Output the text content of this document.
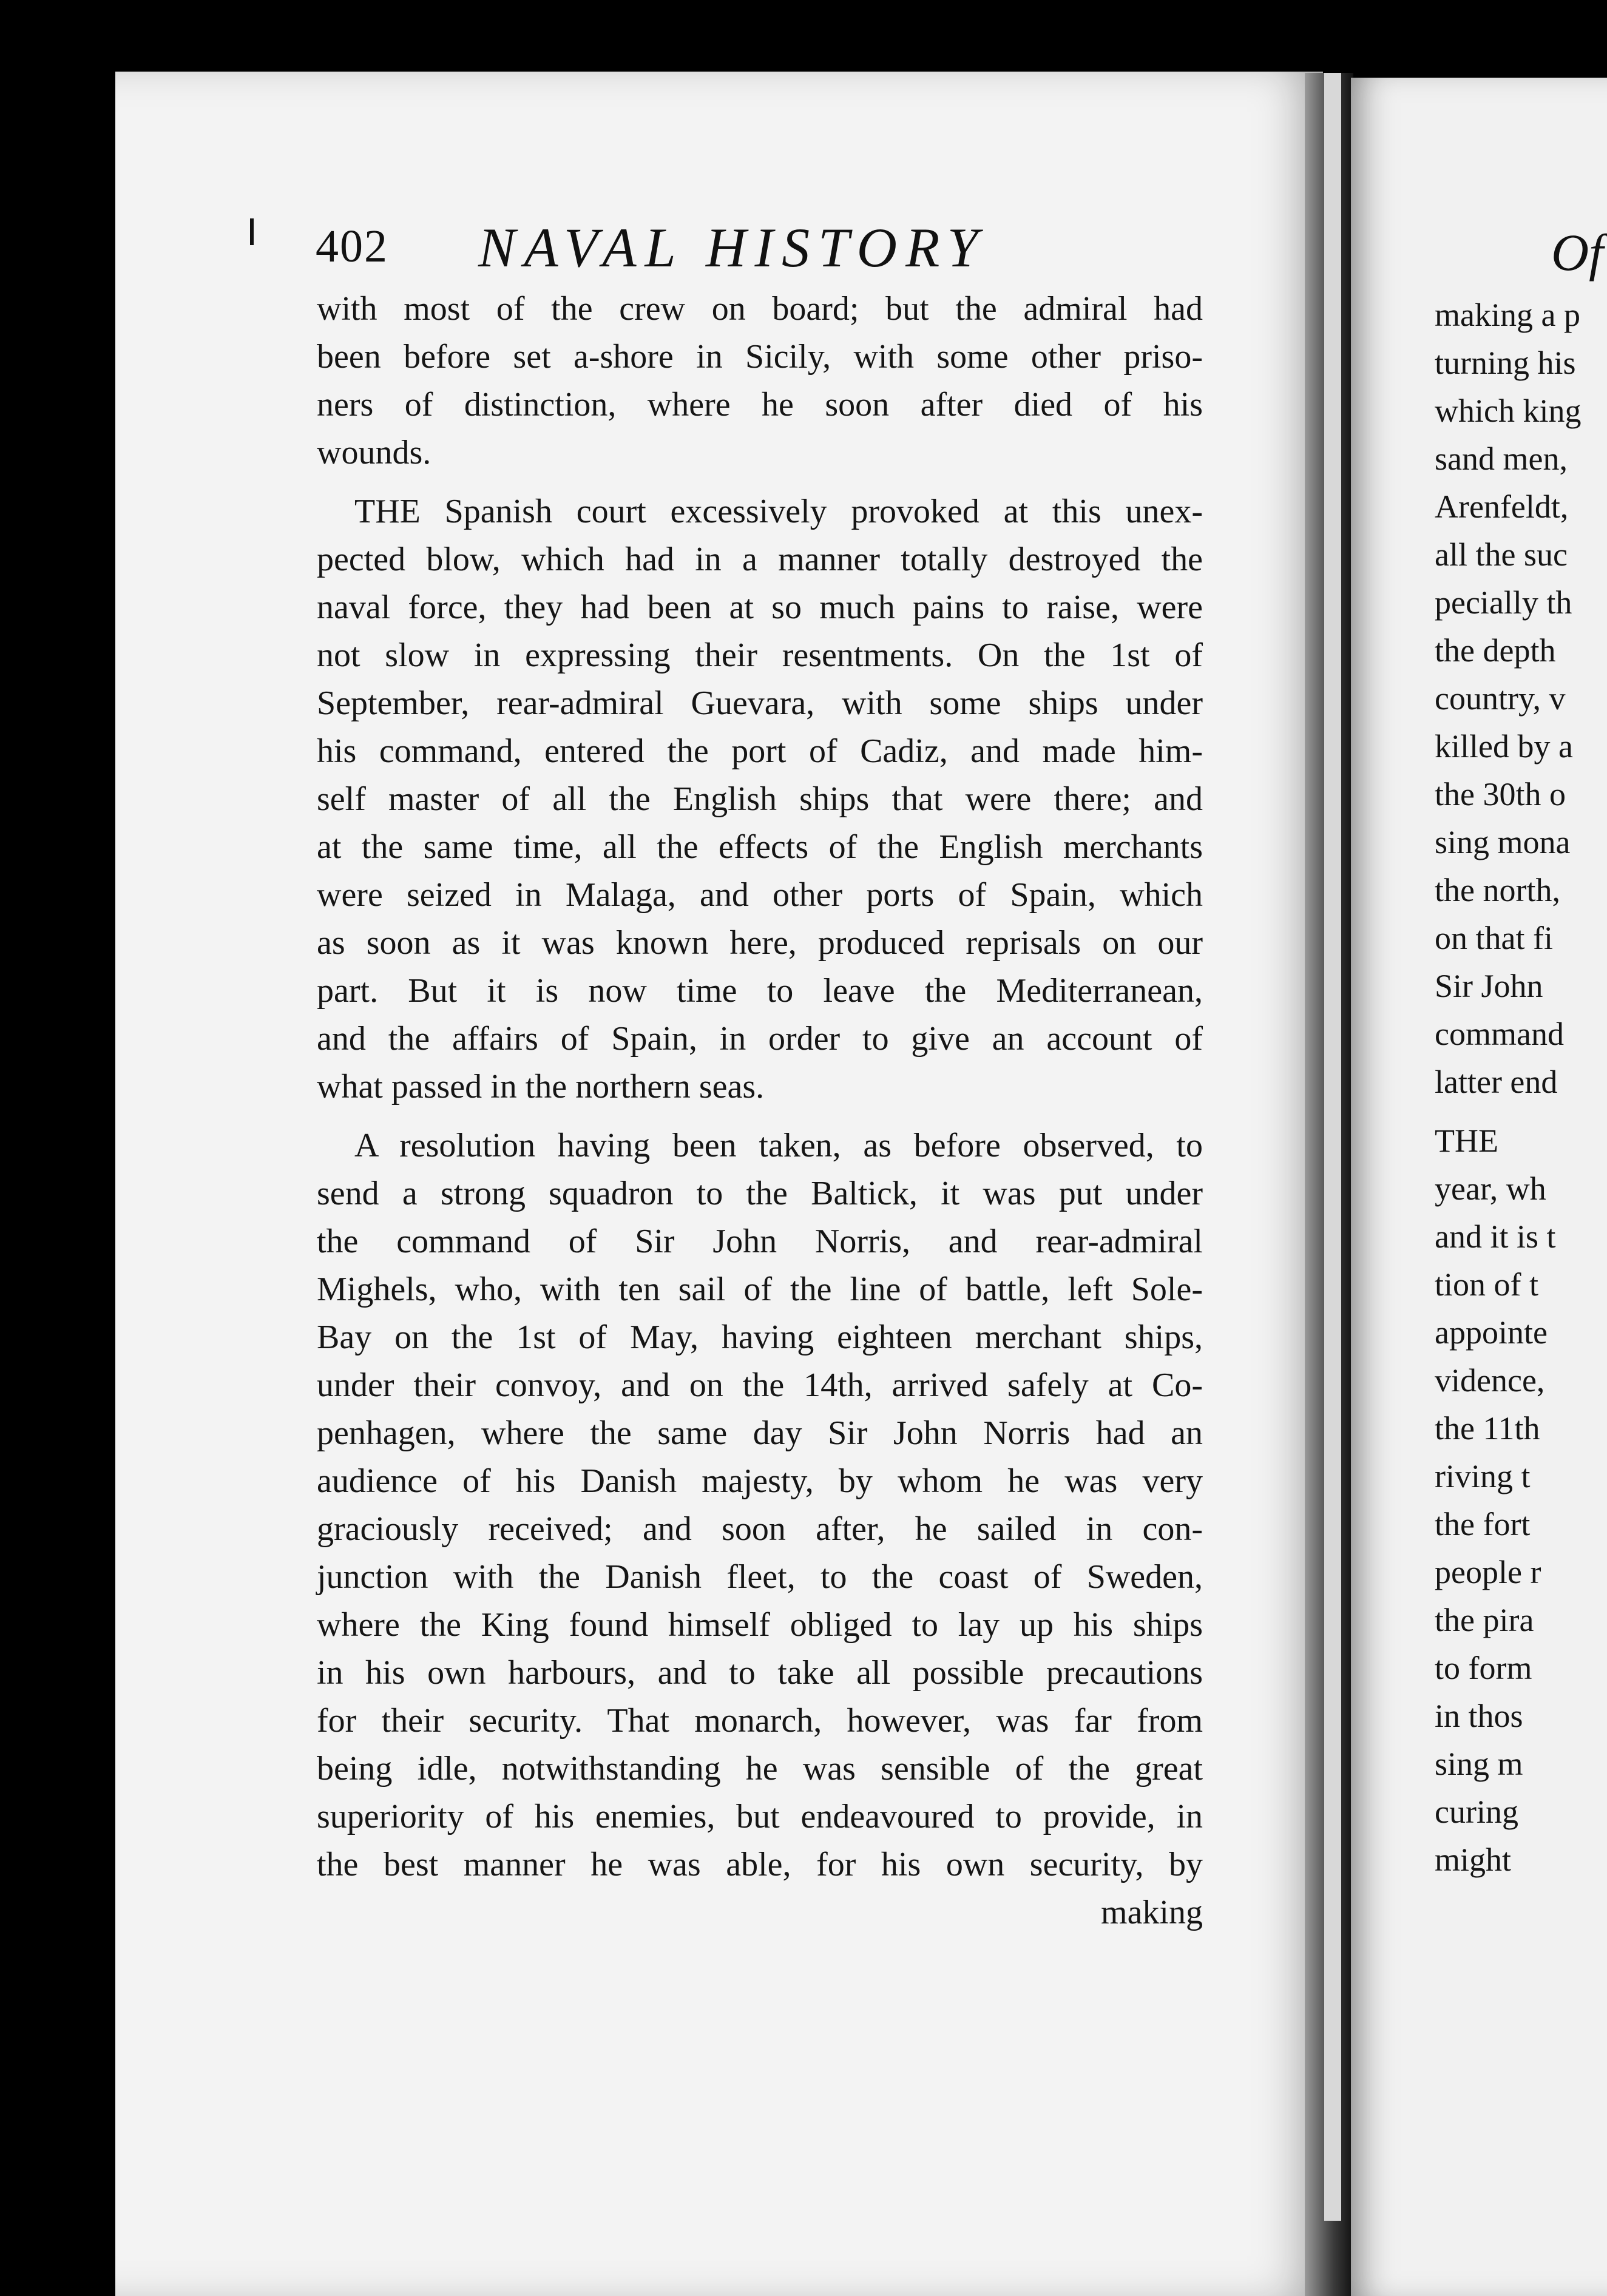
Of
making a p
turning his
which king
sand men,
Arenfeldt,
all the suc
pecially th
the depth
country, v
killed by a
the 30th o
sing mona
the north,
on that fi
Sir John
command
latter end
THE
year, wh
and it is t
tion of t
appointe
vidence,
the 11th
riving t
the fort
people r
the pira
to form
in thos
sing m
curing
might
402 NAVAL HISTORY
with most of the crew on board; but the admiral had
been before set a-shore in Sicily, with some other priso-
ners of distinction, where he soon after died of his
wounds.
THE Spanish court excessively provoked at this unex-
pected blow, which had in a manner totally destroyed the
naval force, they had been at so much pains to raise, were
not slow in expressing their resentments. On the 1st of
September, rear-admiral Guevara, with some ships under
his command, entered the port of Cadiz, and made him-
self master of all the English ships that were there; and
at the same time, all the effects of the English merchants
were seized in Malaga, and other ports of Spain, which
as soon as it was known here, produced reprisals on our
part. But it is now time to leave the Mediterranean,
and the affairs of Spain, in order to give an account of
what passed in the northern seas.
A resolution having been taken, as before observed, to
send a strong squadron to the Baltick, it was put under
the command of Sir John Norris, and rear-admiral
Mighels, who, with ten sail of the line of battle, left Sole-
Bay on the 1st of May, having eighteen merchant ships,
under their convoy, and on the 14th, arrived safely at Co-
penhagen, where the same day Sir John Norris had an
audience of his Danish majesty, by whom he was very
graciously received; and soon after, he sailed in con-
junction with the Danish fleet, to the coast of Sweden,
where the King found himself obliged to lay up his ships
in his own harbours, and to take all possible precautions
for their security. That monarch, however, was far from
being idle, notwithstanding he was sensible of the great
superiority of his enemies, but endeavoured to provide, in
the best manner he was able, for his own security, by
making
